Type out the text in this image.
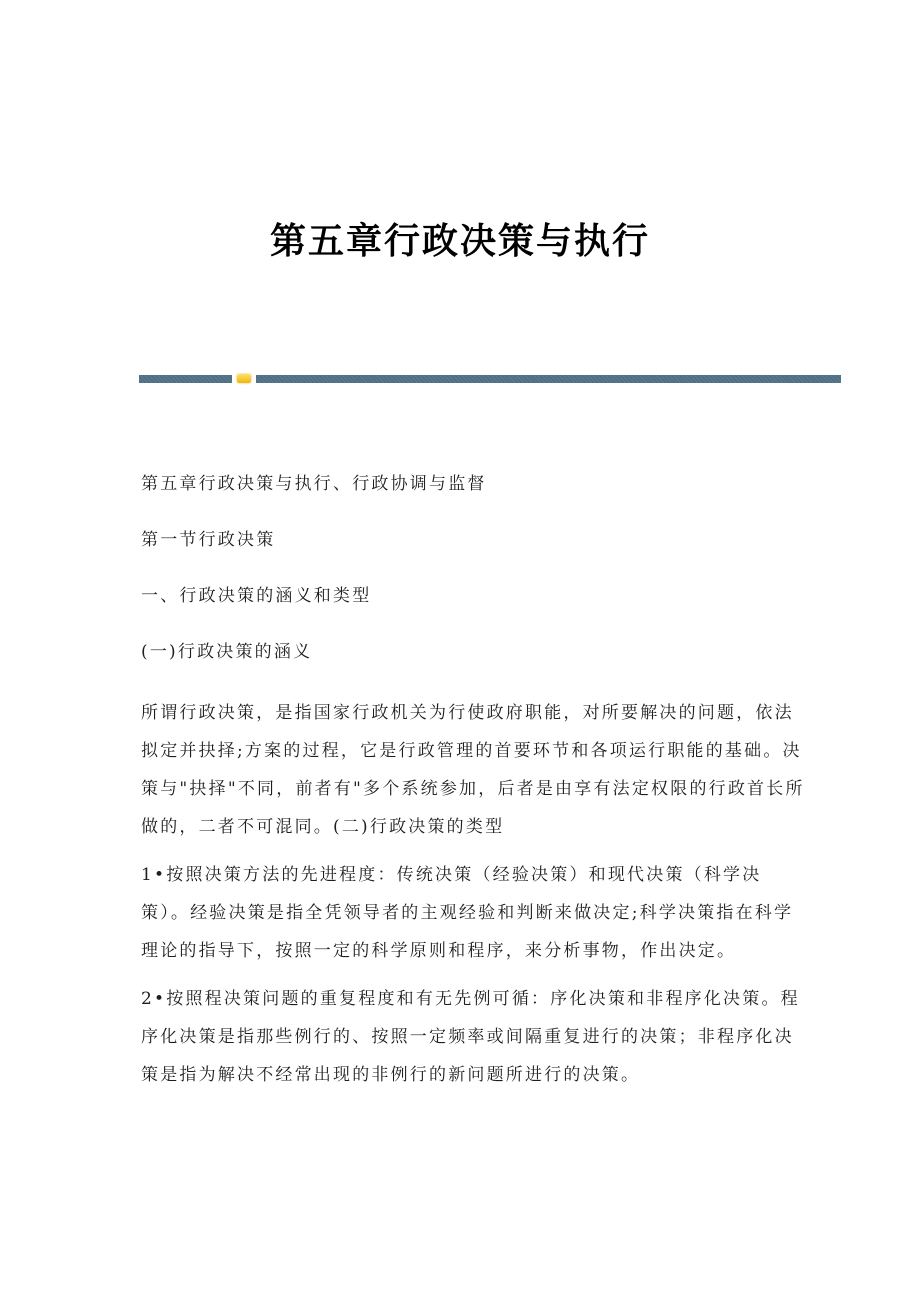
第五章行政决策与执行

第五章行政决策与执行、行政协调与监督

第一节行政决策

一、行政决策的涵义和类型

(一)行政决策的涵义

所谓行政决策，是指国家行政机关为行使政府职能，对所要解决的问题，依法
拟定并抉择;方案的过程，它是行政管理的首要环节和各项运行职能的基础。决
策与"抉择"不同，前者有"多个系统参加，后者是由享有法定权限的行政首长所
做的，二者不可混同。(二)行政决策的类型
1•按照决策方法的先进程度：传统决策（经验决策）和现代决策（科学决
策）。经验决策是指全凭领导者的主观经验和判断来做决定;科学决策指在科学
理论的指导下，按照一定的科学原则和程序，来分析事物，作出决定。
2•按照程决策问题的重复程度和有无先例可循：序化决策和非程序化决策。程
序化决策是指那些例行的、按照一定频率或间隔重复进行的决策；非程序化决
策是指为解决不经常出现的非例行的新问题所进行的决策。
